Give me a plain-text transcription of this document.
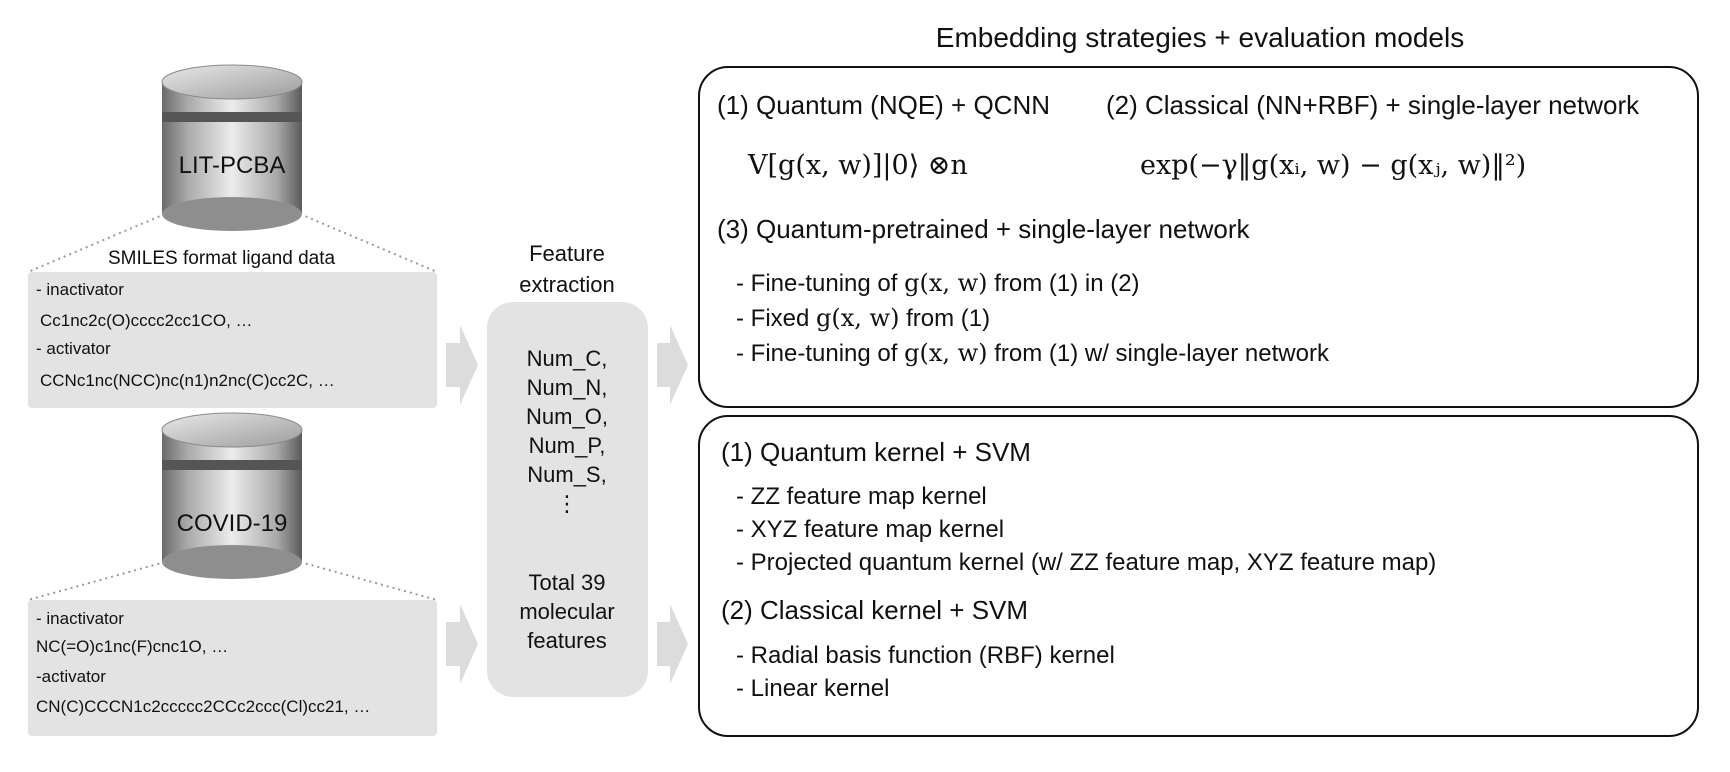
LIT-PCBA
SMILES format ligand data
- inactivator
Cc1nc2c(O)cccc2cc1CO, …
- activator
CCNc1nc(NCC)nc(n1)n2nc(C)cc2C, …
COVID-19
- inactivator
NC(=O)c1nc(F)cnc1O, …
-activator
CN(C)CCCN1c2ccccc2CCc2ccc(Cl)cc21, …
Feature
extraction
Num_C,
Num_N,
Num_O,
Num_P,
Num_S,
⋮
Total 39
molecular
features
Embedding strategies + evaluation models
(1) Quantum (NQE) + QCNN (2) Classical (NN+RBF) + single-layer network
V[g(x, w)]|0⟩ ⊗n	exp(−γ‖g(xᵢ, w) − g(xⱼ, w)‖²)
(3) Quantum-pretrained + single-layer network
- Fine-tuning of g(x, w) from (1) in (2)
- Fixed g(x, w) from (1)
- Fine-tuning of g(x, w) from (1) w/ single-layer network
(1) Quantum kernel + SVM
- ZZ feature map kernel
- XYZ feature map kernel
- Projected quantum kernel (w/ ZZ feature map, XYZ feature map)
(2) Classical kernel + SVM
- Radial basis function (RBF) kernel
- Linear kernel
